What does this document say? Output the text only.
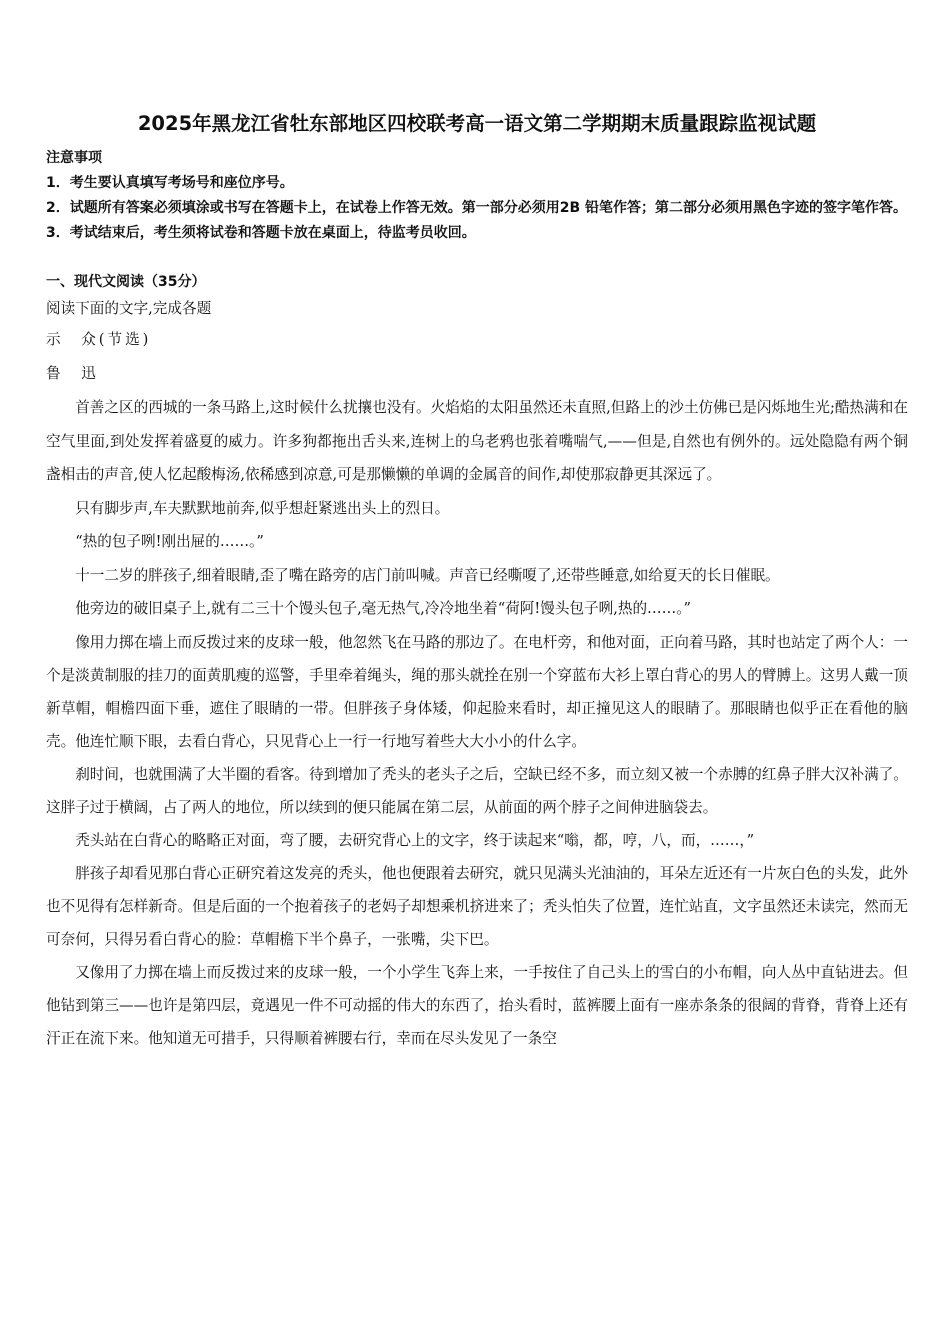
2025年黑龙江省牡东部地区四校联考高一语文第二学期期末质量跟踪监视试题

注意事项

1．考生要认真填写考场号和座位序号。

2．试题所有答案必须填涂或书写在答题卡上，在试卷上作答无效。第一部分必须用2B 铅笔作答；第二部分必须用黑色字迹的签字笔作答。

3．考试结束后，考生须将试卷和答题卡放在桌面上，待监考员收回。

一、现代文阅读（35分）

阅读下面的文字,完成各题

示　众(节选)

鲁　迅

首善之区的西城的一条马路上,这时候什么扰攘也没有。火焰焰的太阳虽然还未直照,但路上的沙土仿佛已是闪烁地生光;酷热满和在空气里面,到处发挥着盛夏的威力。许多狗都拖出舌头来,连树上的乌老鸦也张着嘴喘气,——但是,自然也有例外的。远处隐隐有两个铜盏相击的声音,使人忆起酸梅汤,依稀感到凉意,可是那懒懒的单调的金属音的间作,却使那寂静更其深远了。

只有脚步声,车夫默默地前奔,似乎想赶紧逃出头上的烈日。

“热的包子咧!刚出屉的……。”

十一二岁的胖孩子,细着眼睛,歪了嘴在路旁的店门前叫喊。声音已经嘶嗄了,还带些睡意,如给夏天的长日催眠。

他旁边的破旧桌子上,就有二三十个馒头包子,毫无热气,冷冷地坐着“荷阿!馒头包子咧,热的……。”

像用力掷在墙上而反拨过来的皮球一般，他忽然飞在马路的那边了。在电杆旁，和他对面，正向着马路，其时也站定了两个人：一个是淡黄制服的挂刀的面黄肌瘦的巡警，手里牵着绳头，绳的那头就拴在别一个穿蓝布大衫上罩白背心的男人的臂膊上。这男人戴一顶新草帽，帽檐四面下垂，遮住了眼睛的一带。但胖孩子身体矮，仰起脸来看时，却正撞见这人的眼睛了。那眼睛也似乎正在看他的脑壳。他连忙顺下眼，去看白背心，只见背心上一行一行地写着些大大小小的什么字。

刹时间，也就围满了大半圈的看客。待到增加了秃头的老头子之后，空缺已经不多，而立刻又被一个赤膊的红鼻子胖大汉补满了。这胖子过于横阔，占了两人的地位，所以续到的便只能属在第二层，从前面的两个脖子之间伸进脑袋去。

秃头站在白背心的略略正对面，弯了腰，去研究背心上的文字，终于读起来“嗡，都，哼，八，而，……，”

胖孩子却看见那白背心正研究着这发亮的秃头，他也便跟着去研究，就只见满头光油油的，耳朵左近还有一片灰白色的头发，此外也不见得有怎样新奇。但是后面的一个抱着孩子的老妈子却想乘机挤进来了；秃头怕失了位置，连忙站直，文字虽然还未读完，然而无可奈何，只得另看白背心的脸：草帽檐下半个鼻子，一张嘴，尖下巴。

又像用了力掷在墙上而反拨过来的皮球一般，一个小学生飞奔上来，一手按住了自己头上的雪白的小布帽，向人丛中直钻进去。但他钻到第三——也许是第四层，竟遇见一件不可动摇的伟大的东西了，抬头看时，蓝裤腰上面有一座赤条条的很阔的背脊，背脊上还有汗正在流下来。他知道无可措手，只得顺着裤腰右行，幸而在尽头发见了一条空
